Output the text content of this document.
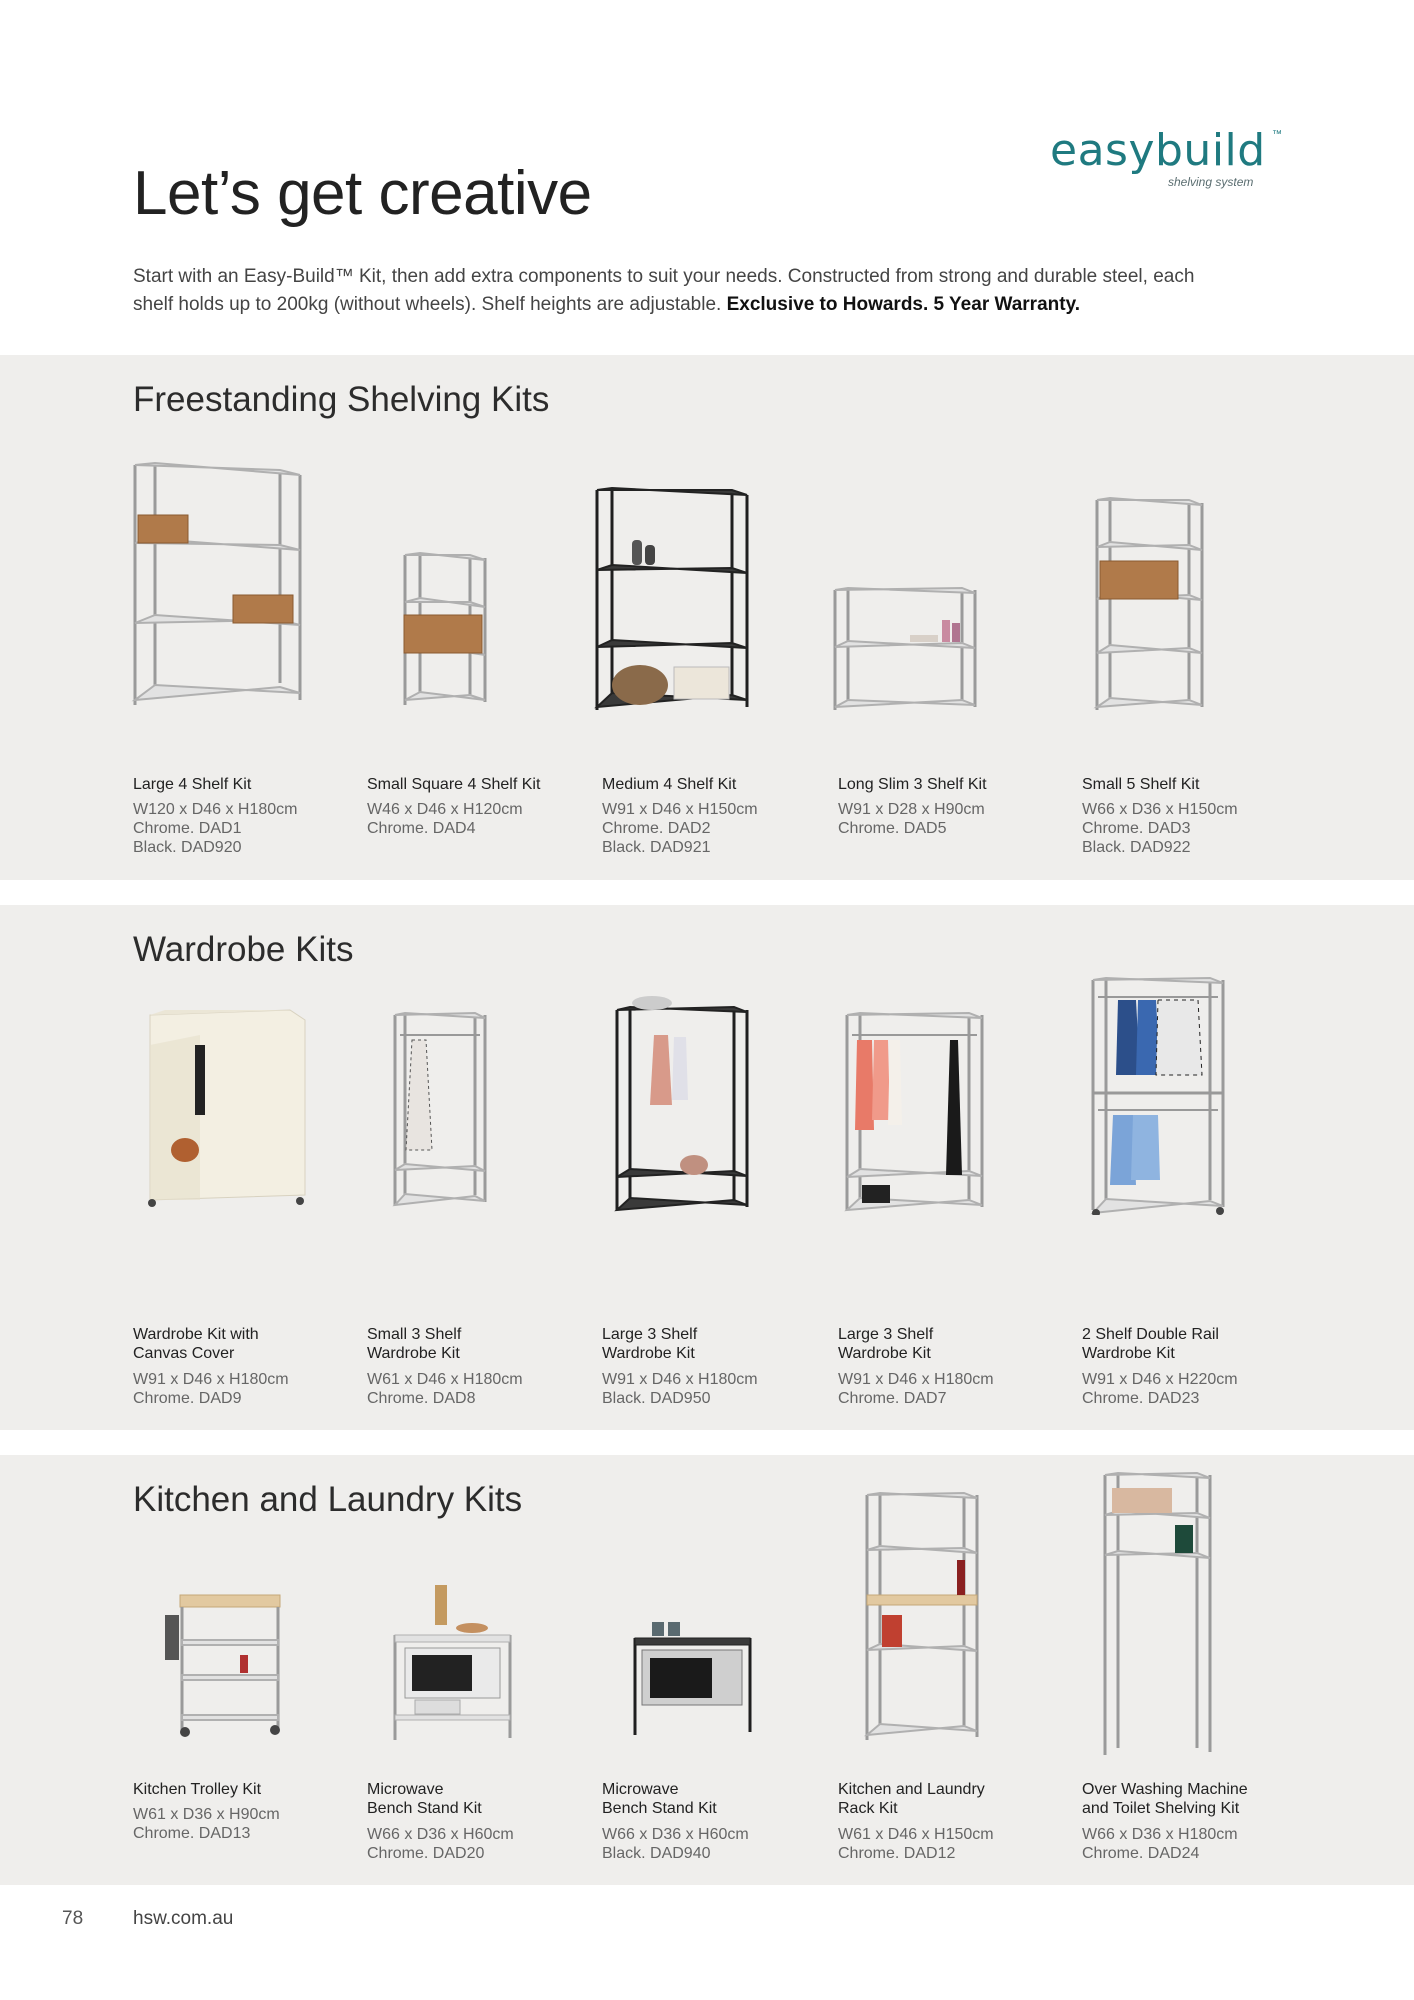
easybuild ™
shelving system
Let’s get creative
Start with an Easy-Build™ Kit, then add extra components to suit your needs. Constructed from strong and durable steel, each shelf holds up to 200kg (without wheels). Shelf heights are adjustable. Exclusive to Howards. 5 Year Warranty.
Freestanding Shelving Kits
Large 4 Shelf Kit
W120 x D46 x H180cm
Chrome. DAD1
Black. DAD920
Small Square 4 Shelf Kit
W46 x D46 x H120cm
Chrome. DAD4
Medium 4 Shelf Kit
W91 x D46 x H150cm
Chrome. DAD2
Black. DAD921
Long Slim 3 Shelf Kit
W91 x D28 x H90cm
Chrome. DAD5
Small 5 Shelf Kit
W66 x D36 x H150cm
Chrome. DAD3
Black. DAD922
Wardrobe Kits
Wardrobe Kit with
Canvas Cover
W91 x D46 x H180cm
Chrome. DAD9
Small 3 Shelf
Wardrobe Kit
W61 x D46 x H180cm
Chrome. DAD8
Large 3 Shelf
Wardrobe Kit
W91 x D46 x H180cm
Black. DAD950
Large 3 Shelf
Wardrobe Kit
W91 x D46 x H180cm
Chrome. DAD7
2 Shelf Double Rail
Wardrobe Kit
W91 x D46 x H220cm
Chrome. DAD23
Kitchen and Laundry Kits
Kitchen Trolley Kit
W61 x D36 x H90cm
Chrome. DAD13
Microwave
Bench Stand Kit
W66 x D36 x H60cm
Chrome. DAD20
Microwave
Bench Stand Kit
W66 x D36 x H60cm
Black. DAD940
Kitchen and Laundry
Rack Kit
W61 x D46 x H150cm
Chrome. DAD12
Over Washing Machine
and Toilet Shelving Kit
W66 x D36 x H180cm
Chrome. DAD24
78	hsw.com.au
